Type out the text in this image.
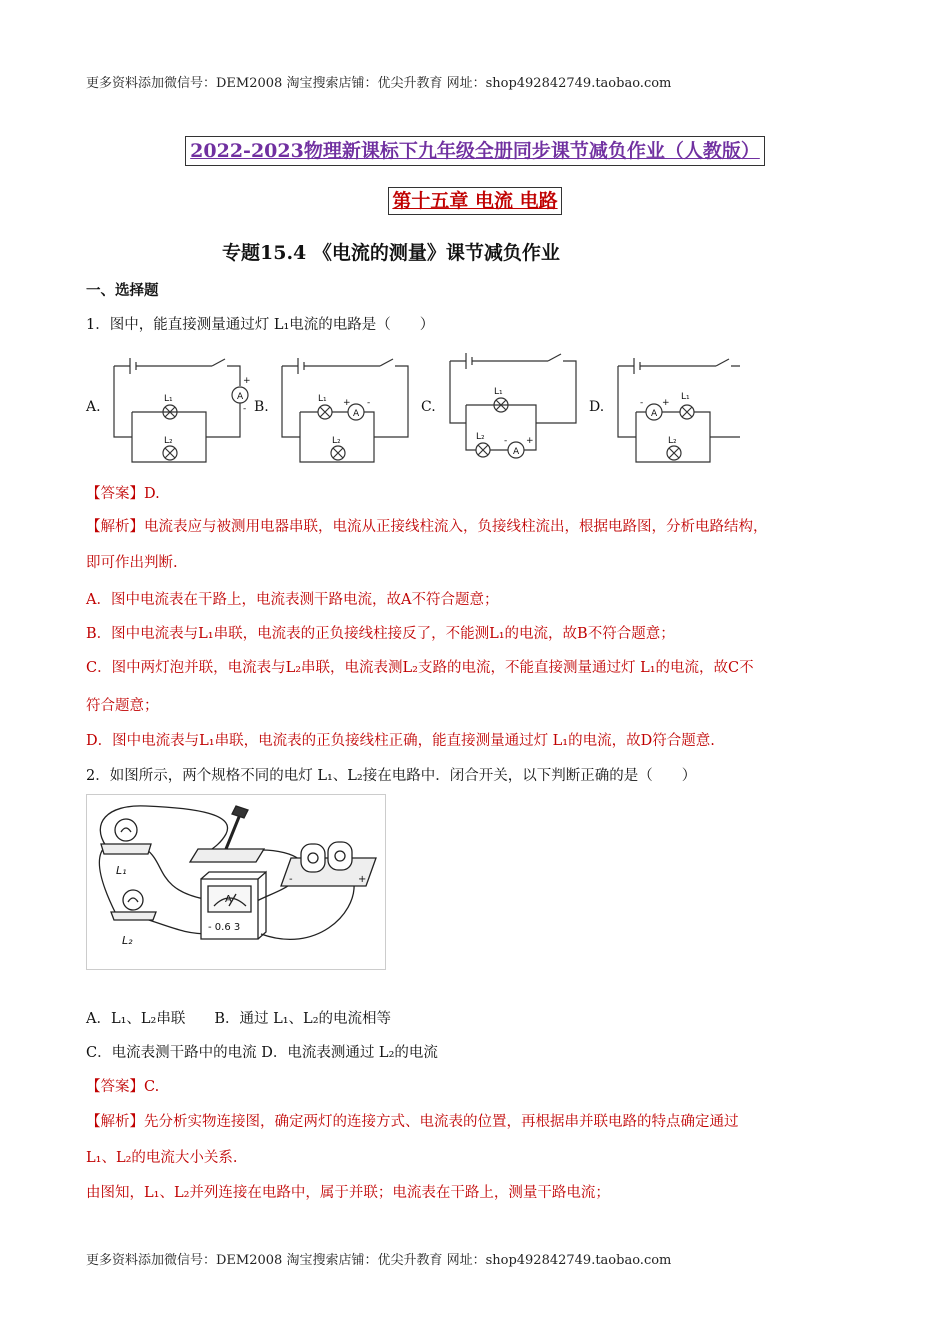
更多资料添加微信号：DEM2008 淘宝搜索店铺：优尖升教育 网址：shop492842749.taobao.com
2022-2023物理新课标下九年级全册同步课节减负作业（人教版）
第十五章 电流 电路
专题15.4 《电流的测量》课节减负作业
一、选择题
1．图中，能直接测量通过灯 L₁电流的电路是（　　）
A.	B.	C.	D.
A
+
-
L₁
L₂
A
+ -
L₁
L₂
A
- +
L₁
L₂
A
- +
L₁
L₂
【答案】D.
【解析】电流表应与被测用电器串联，电流从正接线柱流入，负接线柱流出，根据电路图，分析电路结构，
即可作出判断.
A．图中电流表在干路上，电流表测干路电流，故A不符合题意；
B．图中电流表与L₁串联，电流表的正负接线柱接反了，不能测L₁的电流，故B不符合题意；
C．图中两灯泡并联，电流表与L₂串联，电流表测L₂支路的电流，不能直接测量通过灯 L₁的电流，故C不
符合题意；
D．图中电流表与L₁串联，电流表的正负接线柱正确，能直接测量通过灯 L₁的电流，故D符合题意.
2．如图所示，两个规格不同的电灯 L₁、L₂接在电路中．闭合开关，以下判断正确的是（　　）
L₁
L₂
A
- 0.6 3
-	+
A．L₁、L₂串联　　B．通过 L₁、L₂的电流相等
C．电流表测干路中的电流 D．电流表测通过 L₂的电流
【答案】C.
【解析】先分析实物连接图，确定两灯的连接方式、电流表的位置，再根据串并联电路的特点确定通过
L₁、L₂的电流大小关系.
由图知，L₁、L₂并列连接在电路中，属于并联；电流表在干路上，测量干路电流；
更多资料添加微信号：DEM2008 淘宝搜索店铺：优尖升教育 网址：shop492842749.taobao.com
